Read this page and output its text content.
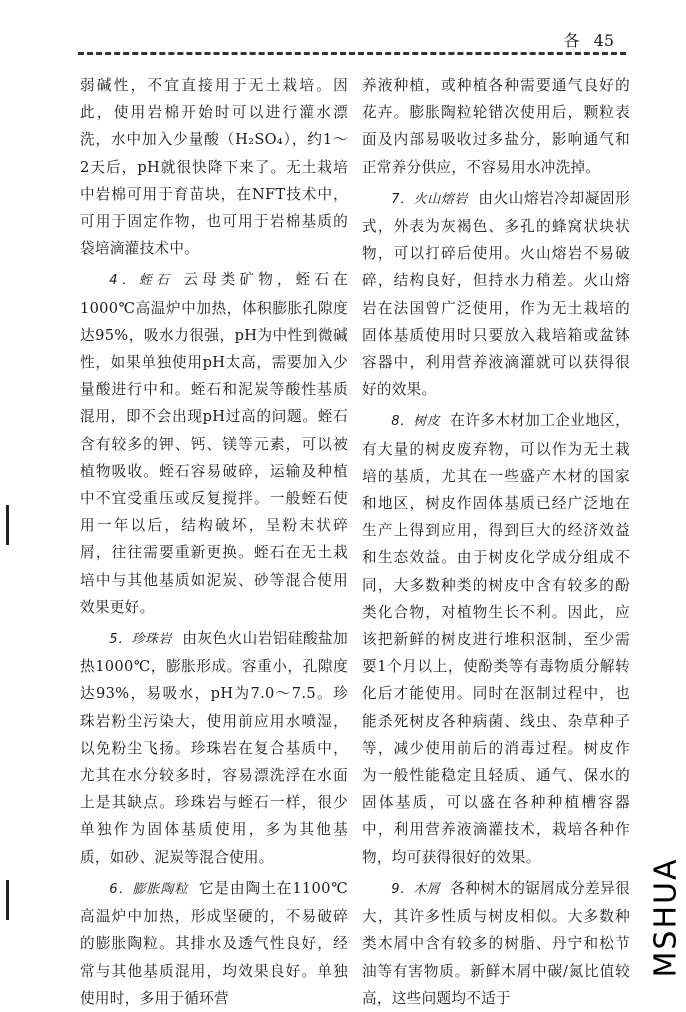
各 45

弱碱性，不宜直接用于无土栽培。因此，使用岩棉开始时可以进行灌水漂洗，水中加入少量酸（H₂SO₄），约1～2天后，pH就很快降下来了。无土栽培中岩棉可用于育苗块，在NFT技术中，可用于固定作物，也可用于岩棉基质的袋培滴灌技术中。

4．蛭石 云母类矿物，蛭石在1000℃高温炉中加热，体积膨胀孔隙度达95%，吸水力很强，pH为中性到微碱性，如果单独使用pH太高，需要加入少量酸进行中和。蛭石和泥炭等酸性基质混用，即不会出现pH过高的问题。蛭石含有较多的钾、钙、镁等元素，可以被植物吸收。蛭石容易破碎，运输及种植中不宜受重压或反复搅拌。一般蛭石使用一年以后，结构破坏，呈粉末状碎屑，往往需要重新更换。蛭石在无土栽培中与其他基质如泥炭、砂等混合使用效果更好。

5．珍珠岩 由灰色火山岩铝硅酸盐加热1000℃，膨胀形成。容重小，孔隙度达93%，易吸水，pH为7.0～7.5。珍珠岩粉尘污染大，使用前应用水喷湿，以免粉尘飞扬。珍珠岩在复合基质中，尤其在水分较多时，容易漂洗浮在水面上是其缺点。珍珠岩与蛭石一样，很少单独作为固体基质使用，多为其他基质，如砂、泥炭等混合使用。

6．膨胀陶粒 它是由陶土在1100℃高温炉中加热，形成坚硬的，不易破碎的膨胀陶粒。其排水及透气性良好，经常与其他基质混用，均效果良好。单独使用时，多用于循环营

养液种植，或种植各种需要通气良好的花卉。膨胀陶粒轮错次使用后，颗粒表面及内部易吸收过多盐分，影响通气和正常养分供应，不容易用水冲洗掉。

7．火山熔岩 由火山熔岩冷却凝固形式，外表为灰褐色、多孔的蜂窝状块状物，可以打碎后使用。火山熔岩不易破碎，结构良好，但持水力稍差。火山熔岩在法国曾广泛使用，作为无土栽培的固体基质使用时只要放入栽培箱或盆钵容器中，利用营养液滴灌就可以获得很好的效果。

8．树皮 在许多木材加工企业地区，有大量的树皮废弃物，可以作为无土栽培的基质，尤其在一些盛产木材的国家和地区，树皮作固体基质已经广泛地在生产上得到应用，得到巨大的经济效益和生态效益。由于树皮化学成分组成不同，大多数种类的树皮中含有较多的酚类化合物，对植物生长不利。因此，应该把新鲜的树皮进行堆积沤制，至少需要1个月以上，使酚类等有毒物质分解转化后才能使用。同时在沤制过程中，也能杀死树皮各种病菌、线虫、杂草种子等，减少使用前后的消毒过程。树皮作为一般性能稳定且轻质、通气、保水的固体基质，可以盛在各种种植槽容器中，利用营养液滴灌技术，栽培各种作物，均可获得很好的效果。

9．木屑 各种树木的锯屑成分差异很大，其许多性质与树皮相似。大多数种类木屑中含有较多的树脂、丹宁和松节油等有害物质。新鲜木屑中碳/氮比值较高，这些问题均不适于

MSHUA
